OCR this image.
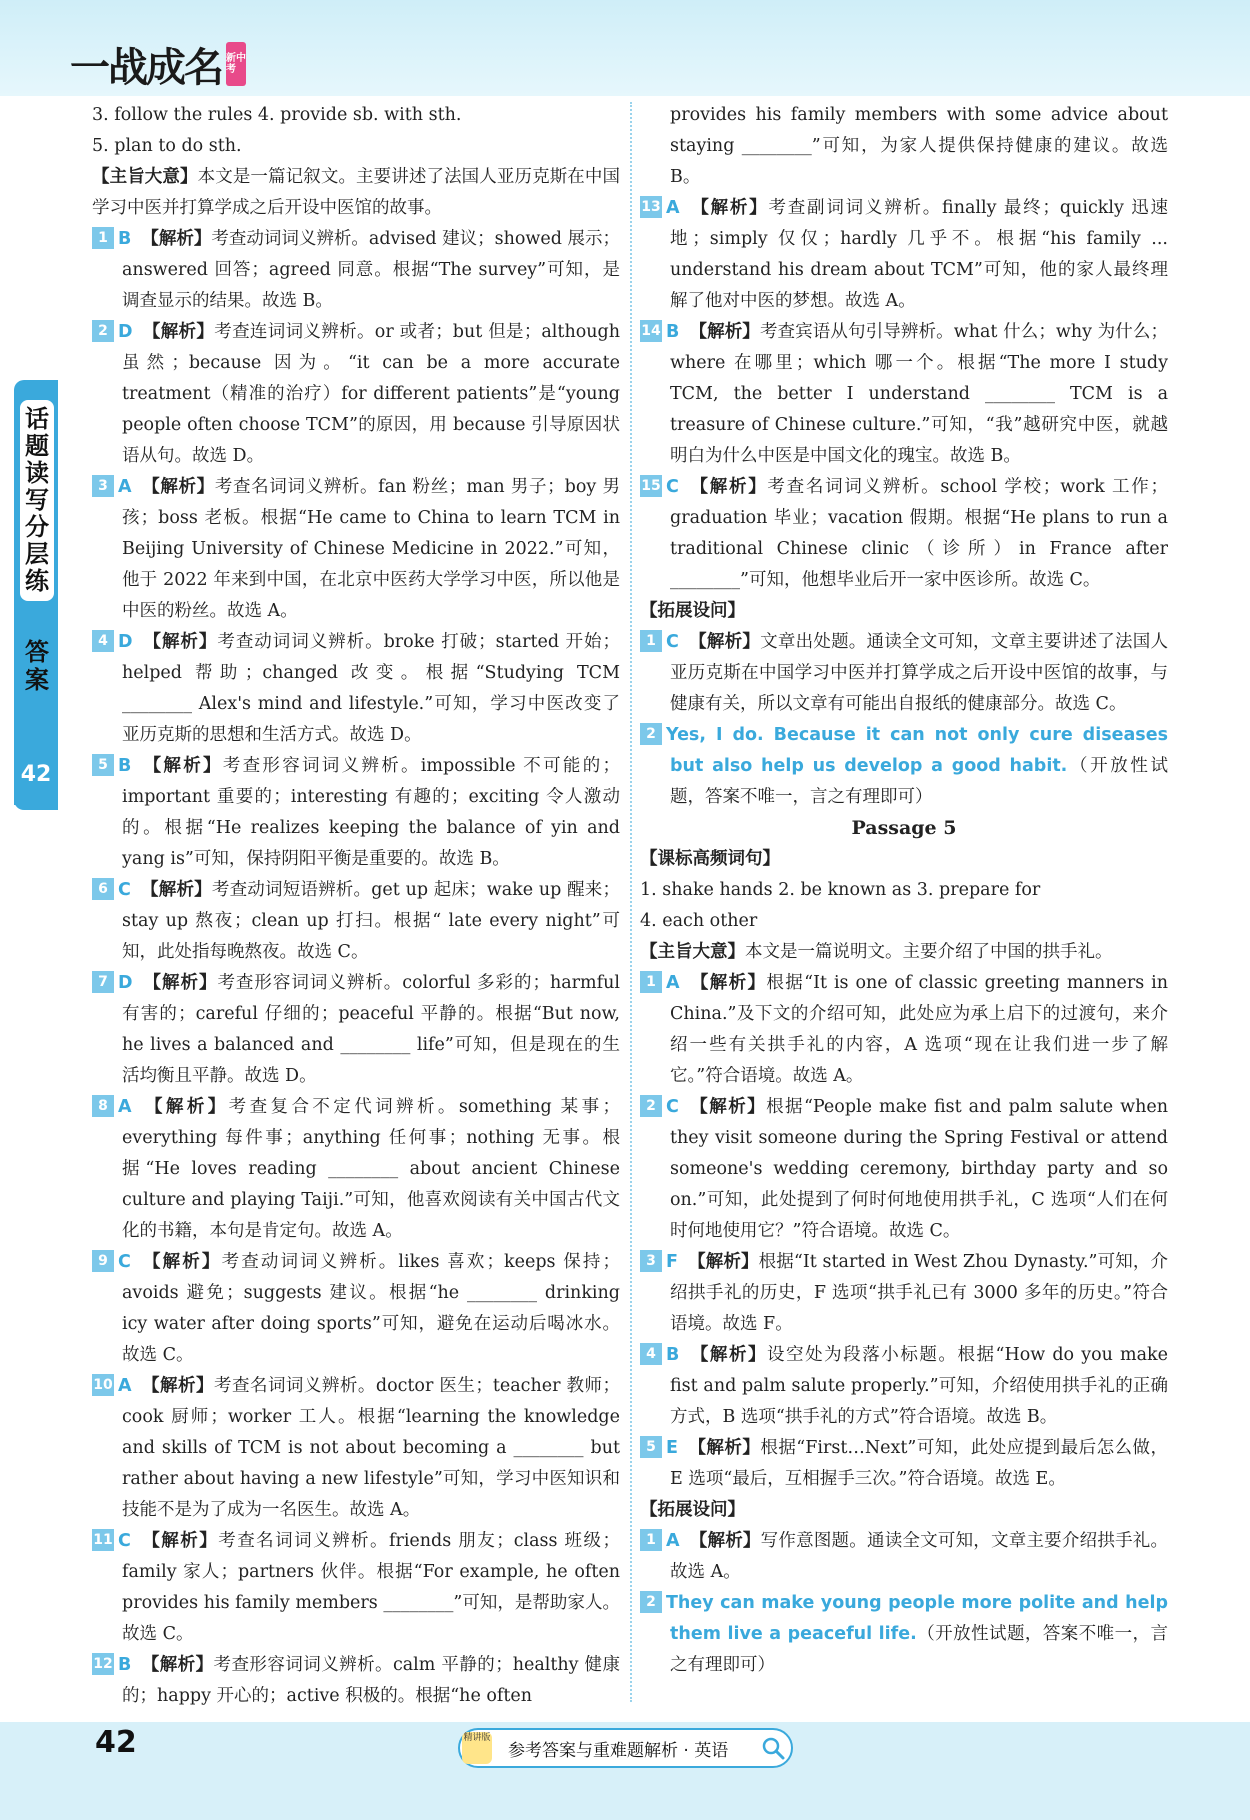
一战成名 新中考
话题读写分层练
答案
42
3. follow the rules 4. provide sb. with sth.
5. plan to do sth.
【主旨大意】本文是一篇记叙文。主要讲述了法国人亚历克斯在中国学习中医并打算学成之后开设中医馆的故事。
1 B 【解析】考查动词词义辨析。advised 建议；showed 展示；answered 回答；agreed 同意。根据“The survey”可知，是调查显示的结果。故选 B。
2 D 【解析】考查连词词义辨析。or 或者；but 但是；although 虽然；because 因为。“it can be a more accurate treatment（精准的治疗）for different patients”是“young people often choose TCM”的原因，用 because 引导原因状语从句。故选 D。
3 A 【解析】考查名词词义辨析。fan 粉丝；man 男子；boy 男孩；boss 老板。根据“He came to China to learn TCM in Beijing University of Chinese Medicine in 2022.”可知，他于 2022 年来到中国，在北京中医药大学学习中医，所以他是中医的粉丝。故选 A。
4 D 【解析】考查动词词义辨析。broke 打破；started 开始；helped 帮助；changed 改变。根据“Studying TCM ________ Alex's mind and lifestyle.”可知，学习中医改变了亚历克斯的思想和生活方式。故选 D。
5 B 【解析】考查形容词词义辨析。impossible 不可能的；important 重要的；interesting 有趣的；exciting 令人激动的。根据“He realizes keeping the balance of yin and yang is”可知，保持阴阳平衡是重要的。故选 B。
6 C 【解析】考查动词短语辨析。get up 起床；wake up 醒来；stay up 熬夜；clean up 打扫。根据“ late every night”可知，此处指每晚熬夜。故选 C。
7 D 【解析】考查形容词词义辨析。colorful 多彩的；harmful 有害的；careful 仔细的；peaceful 平静的。根据“But now, he lives a balanced and ________ life”可知，但是现在的生活均衡且平静。故选 D。
8 A 【解析】考查复合不定代词辨析。something 某事；everything 每件事；anything 任何事；nothing 无事。根据“He loves reading ________ about ancient Chinese culture and playing Taiji.”可知，他喜欢阅读有关中国古代文化的书籍，本句是肯定句。故选 A。
9 C 【解析】考查动词词义辨析。likes 喜欢；keeps 保持；avoids 避免；suggests 建议。根据“he ________ drinking icy water after doing sports”可知，避免在运动后喝冰水。故选 C。
10 A 【解析】考查名词词义辨析。doctor 医生；teacher 教师；cook 厨师；worker 工人。根据“learning the knowledge and skills of TCM is not about becoming a ________ but rather about having a new lifestyle”可知，学习中医知识和技能不是为了成为一名医生。故选 A。
11 C 【解析】考查名词词义辨析。friends 朋友；class 班级；family 家人；partners 伙伴。根据“For example, he often provides his family members ________”可知，是帮助家人。故选 C。
12 B 【解析】考查形容词词义辨析。calm 平静的；healthy 健康的；happy 开心的；active 积极的。根据“he often
provides his family members with some advice about staying ________”可知，为家人提供保持健康的建议。故选 B。
13 A 【解析】考查副词词义辨析。finally 最终；quickly 迅速地；simply 仅仅；hardly 几乎不。根据“his family ... understand his dream about TCM”可知，他的家人最终理解了他对中医的梦想。故选 A。
14 B 【解析】考查宾语从句引导辨析。what 什么；why 为什么；where 在哪里；which 哪一个。根据“The more I study TCM, the better I understand ________ TCM is a treasure of Chinese culture.”可知，“我”越研究中医，就越明白为什么中医是中国文化的瑰宝。故选 B。
15 C 【解析】考查名词词义辨析。school 学校；work 工作；graduation 毕业；vacation 假期。根据“He plans to run a traditional Chinese clinic（诊所）in France after ________”可知，他想毕业后开一家中医诊所。故选 C。
【拓展设问】
1 C 【解析】文章出处题。通读全文可知，文章主要讲述了法国人亚历克斯在中国学习中医并打算学成之后开设中医馆的故事，与健康有关，所以文章有可能出自报纸的健康部分。故选 C。
2 Yes, I do. Because it can not only cure diseases but also help us develop a good habit.（开放性试题，答案不唯一，言之有理即可）
Passage 5
【课标高频词句】
1. shake hands 2. be known as 3. prepare for
4. each other
【主旨大意】本文是一篇说明文。主要介绍了中国的拱手礼。
1 A 【解析】根据“It is one of classic greeting manners in China.”及下文的介绍可知，此处应为承上启下的过渡句，来介绍一些有关拱手礼的内容，A 选项“现在让我们进一步了解它。”符合语境。故选 A。
2 C 【解析】根据“People make fist and palm salute when they visit someone during the Spring Festival or attend someone's wedding ceremony, birthday party and so on.”可知，此处提到了何时何地使用拱手礼，C 选项“人们在何时何地使用它？”符合语境。故选 C。
3 F 【解析】根据“It started in West Zhou Dynasty.”可知，介绍拱手礼的历史，F 选项“拱手礼已有 3000 多年的历史。”符合语境。故选 F。
4 B 【解析】设空处为段落小标题。根据“How do you make fist and palm salute properly.”可知，介绍使用拱手礼的正确方式，B 选项“拱手礼的方式”符合语境。故选 B。
5 E 【解析】根据“First…Next”可知，此处应提到最后怎么做，E 选项“最后，互相握手三次。”符合语境。故选 E。
【拓展设问】
1 A 【解析】写作意图题。通读全文可知，文章主要介绍拱手礼。故选 A。
2 They can make young people more polite and help them live a peaceful life.（开放性试题，答案不唯一，言之有理即可）
42	参考答案与重难题解析 · 英语
精讲版
